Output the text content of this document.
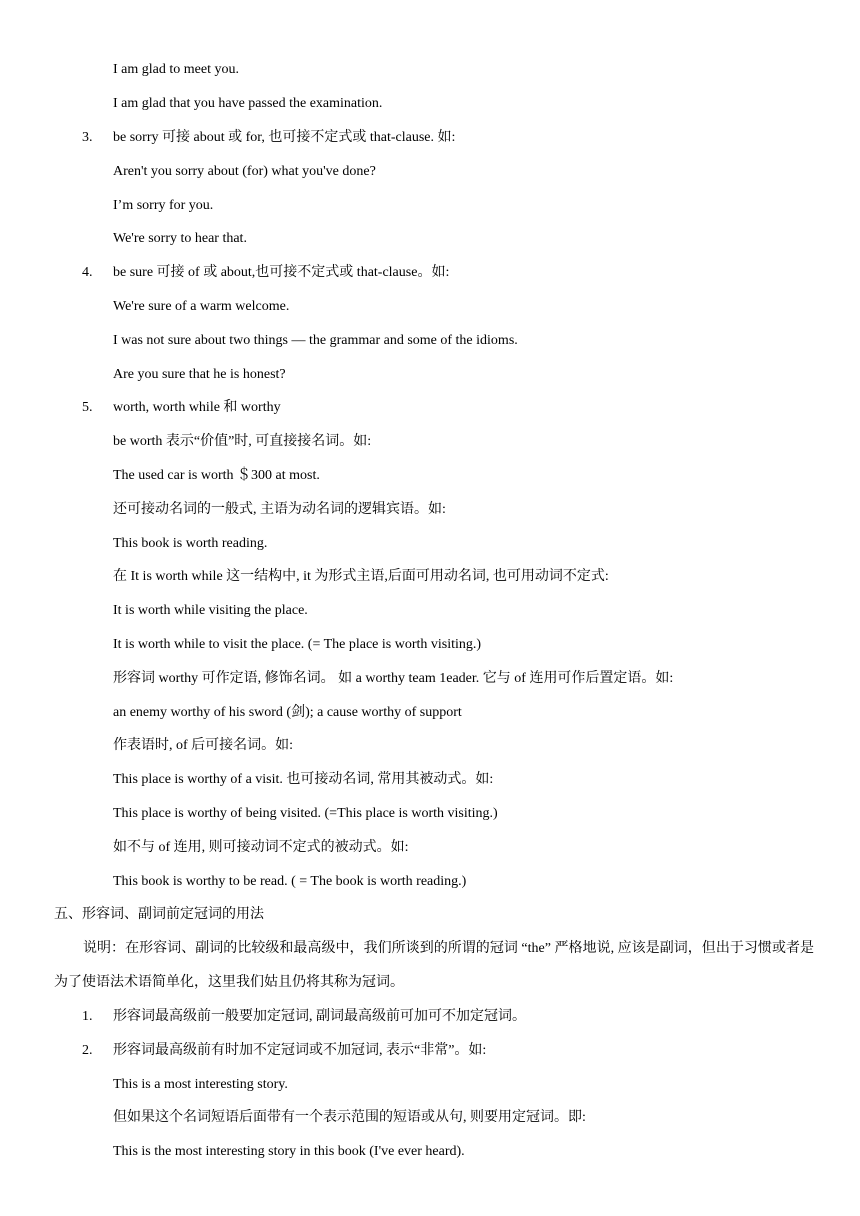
I am glad to meet you.
I am glad that you have passed the examination.
3. be sorry 可接 about 或 for, 也可接不定式或 that-clause. 如:
Aren't you sorry about (for) what you've done?
I’m sorry for you.
We're sorry to hear that.
4. be sure 可接 of 或 about,也可接不定式或 that-clause。如:
We're sure of a warm welcome.
I was not sure about two things — the grammar and some of the idioms.
Are you sure that he is honest?
5. worth, worth while 和 worthy
be worth 表示“价值”时, 可直接接名词。如:
The used car is worth ＄300 at most.
还可接动名词的一般式, 主语为动名词的逻辑宾语。如:
This book is worth reading.
在 It is worth while 这一结构中, it 为形式主语,后面可用动名词, 也可用动词不定式:
It is worth while visiting the place.
It is worth while to visit the place. (= The place is worth visiting.)
形容词 worthy 可作定语, 修饰名词。 如 a worthy team 1eader. 它与 of 连用可作后置定语。如:
an enemy worthy of his sword (剑); a cause worthy of support
作表语时, of 后可接名词。如:
This place is worthy of a visit. 也可接动名词, 常用其被动式。如:
This place is worthy of being visited. (=This place is worth visiting.)
如不与 of 连用, 则可接动词不定式的被动式。如:
This book is worthy to be read. ( = The book is worth reading.)
五、形容词、副词前定冠词的用法
说明：在形容词、副词的比较级和最高级中，我们所谈到的所谓的冠词 “the” 严格地说, 应该是副词，但出于习惯或者是为了使语法术语简单化，这里我们姑且仍将其称为冠词。
1. 形容词最高级前一般要加定冠词, 副词最高级前可加可不加定冠词。
2. 形容词最高级前有时加不定冠词或不加冠词, 表示“非常”。如:
This is a most interesting story.
但如果这个名词短语后面带有一个表示范围的短语或从句, 则要用定冠词。即:
This is the most interesting story in this book (I've ever heard).
